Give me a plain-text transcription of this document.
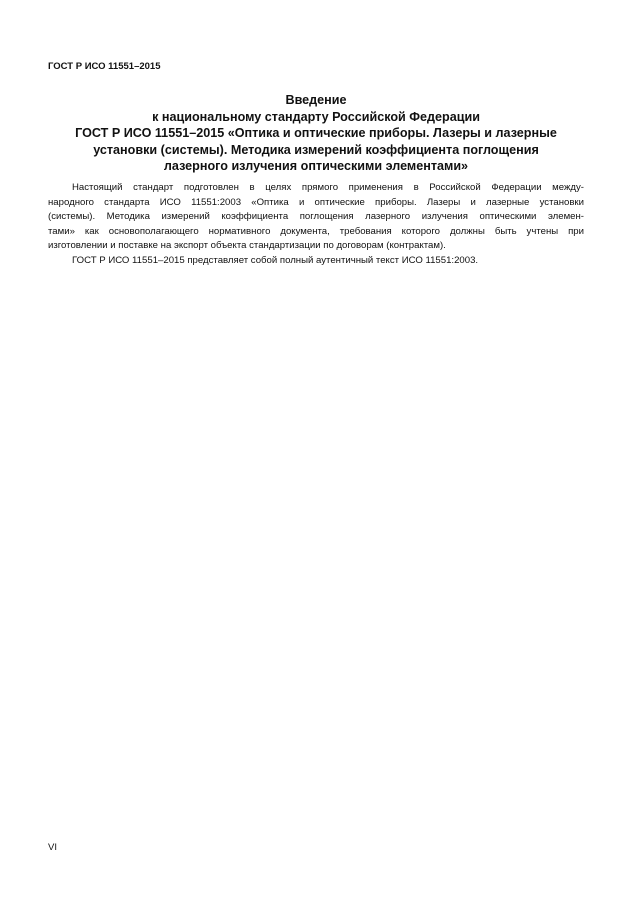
ГОСТ Р ИСО 11551–2015
Введение
к национальному стандарту Российской Федерации
ГОСТ Р ИСО 11551–2015 «Оптика и оптические приборы. Лазеры и лазерные
установки (системы). Методика измерений коэффициента поглощения
лазерного излучения оптическими элементами»
Настоящий стандарт подготовлен в целях прямого применения в Российской Федерации между-
народного стандарта ИСО 11551:2003 «Оптика и оптические приборы. Лазеры и лазерные установки
(системы). Методика измерений коэффициента поглощения лазерного излучения оптическими элемен-
тами» как основополагающего нормативного документа, требования которого должны быть учтены при
изготовлении и поставке на экспорт объекта стандартизации по договорам (контрактам).
ГОСТ Р ИСО 11551–2015 представляет собой полный аутентичный текст ИСО 11551:2003.
VI
